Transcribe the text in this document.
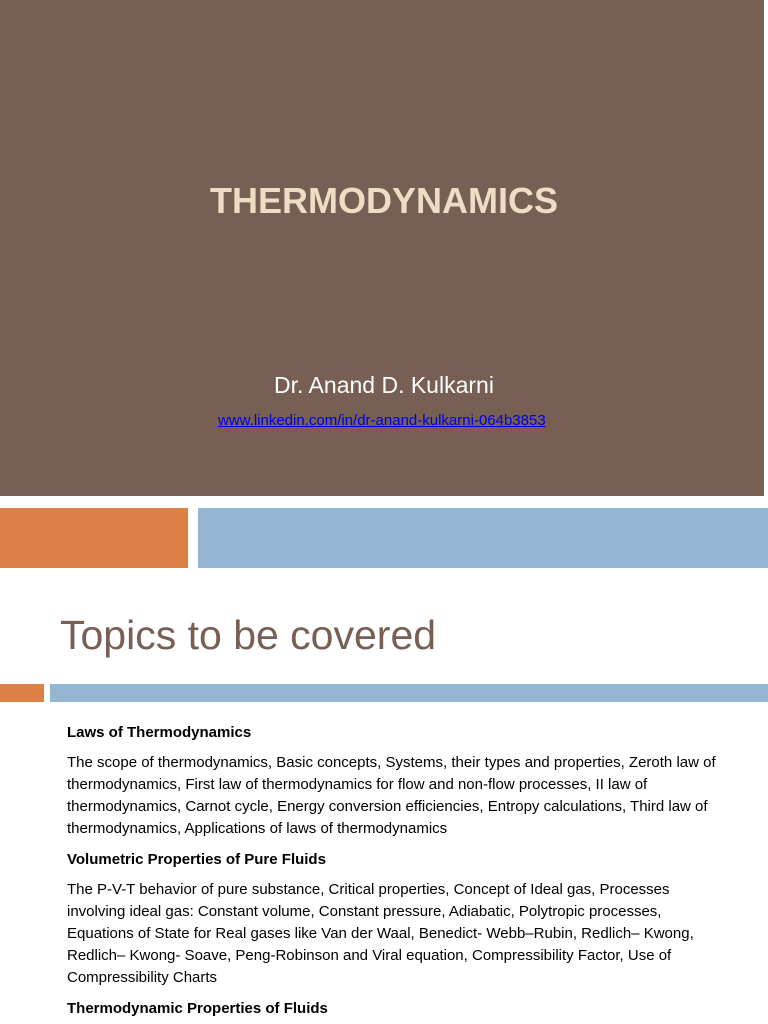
THERMODYNAMICS
Dr. Anand D. Kulkarni
www.linkedin.com/in/dr-anand-kulkarni-064b3853
Topics to be covered
Laws of Thermodynamics
The scope of thermodynamics, Basic concepts, Systems, their types and properties, Zeroth law of thermodynamics, First law of thermodynamics for flow and non-flow processes, II law of thermodynamics, Carnot cycle, Energy conversion efficiencies, Entropy calculations, Third law of thermodynamics, Applications of laws of thermodynamics
Volumetric Properties of Pure Fluids
The P-V-T behavior of pure substance, Critical properties, Concept of Ideal gas, Processes involving ideal gas: Constant volume, Constant pressure, Adiabatic, Polytropic processes, Equations of State for Real gases like Van der Waal, Benedict- Webb–Rubin, Redlich– Kwong, Redlich– Kwong- Soave, Peng-Robinson and Viral equation, Compressibility Factor, Use of Compressibility Charts
Thermodynamic Properties of Fluids
